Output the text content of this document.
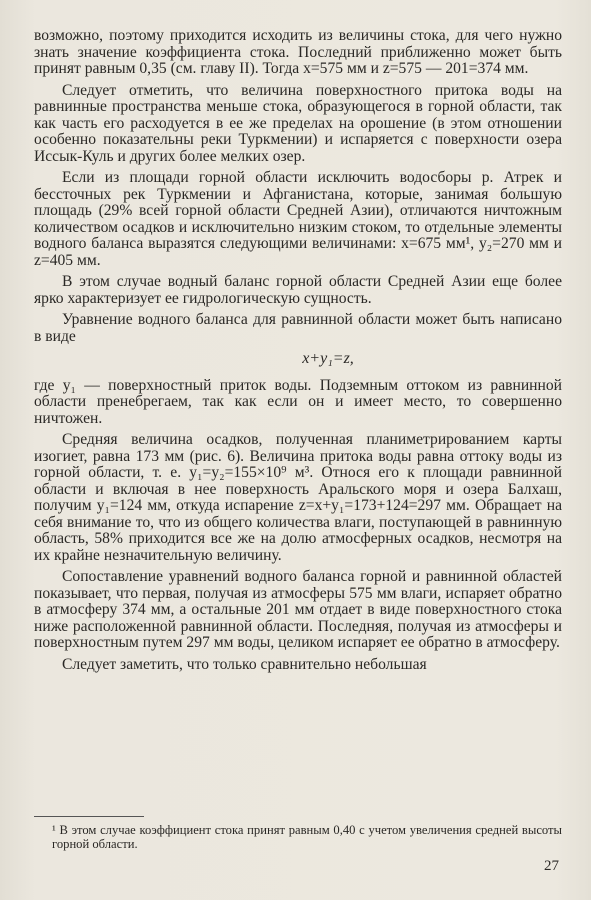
возможно, поэтому приходится исходить из величины стока, для чего нужно знать значение коэффициента стока. Последний приближенно может быть принят равным 0,35 (см. главу II). Тогда x=575 мм и z=575 — 201=374 мм.

Следует отметить, что величина поверхностного притока воды на равнинные пространства меньше стока, образующегося в горной области, так как часть его расходуется в ее же пределах на орошение (в этом отношении особенно показательны реки Туркмении) и испаряется с поверхности озера Иссык-Куль и других более мелких озер.

Если из площади горной области исключить водосборы р. Атрек и бессточных рек Туркмении и Афганистана, которые, занимая большую площадь (29% всей горной области Средней Азии), отличаются ничтожным количеством осадков и исключительно низким стоком, то отдельные элементы водного баланса выразятся следующими величинами: x=675 мм¹, y₂=270 мм и z=405 мм.

В этом случае водный баланс горной области Средней Азии еще более ярко характеризует ее гидрологическую сущность.

Уравнение водного баланса для равнинной области может быть написано в виде

x+y₁=z,

где y₁ — поверхностный приток воды. Подземным оттоком из равнинной области пренебрегаем, так как если он и имеет место, то совершенно ничтожен.

Средняя величина осадков, полученная планиметрированием карты изогиет, равна 173 мм (рис. 6). Величина притока воды равна оттоку воды из горной области, т. е. y₁=y₂=155×10⁹ м³. Относя его к площади равнинной области и включая в нее поверхность Аральского моря и озера Балхаш, получим y₁=124 мм, откуда испарение z=x+y₁=173+124=297 мм. Обращает на себя внимание то, что из общего количества влаги, поступающей в равнинную область, 58% приходится все же на долю атмосферных осадков, несмотря на их крайне незначительную величину.

Сопоставление уравнений водного баланса горной и равнинной областей показывает, что первая, получая из атмосферы 575 мм влаги, испаряет обратно в атмосферу 374 мм, а остальные 201 мм отдает в виде поверхностного стока ниже расположенной равнинной области. Последняя, получая из атмосферы и поверхностным путем 297 мм воды, целиком испаряет ее обратно в атмосферу.

Следует заметить, что только сравнительно небольшая

¹ В этом случае коэффициент стока принят равным 0,40 с учетом увеличения средней высоты горной области.
27
